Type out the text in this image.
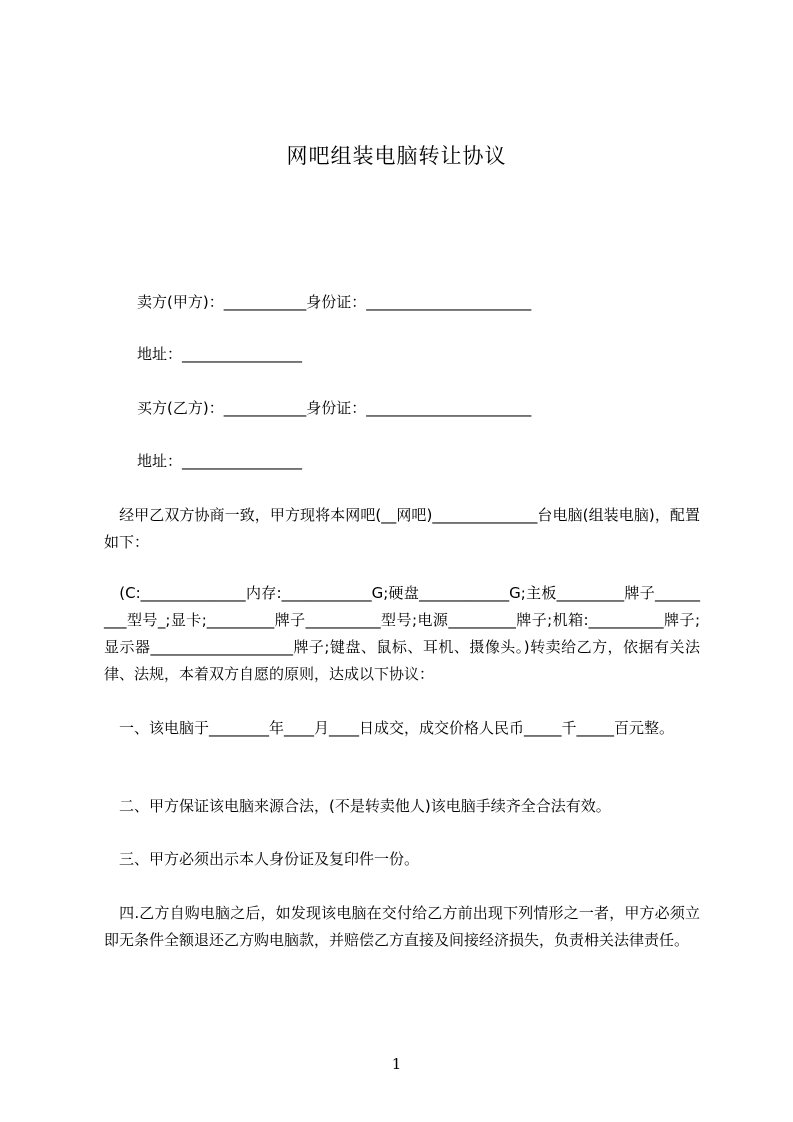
网吧组装电脑转让协议
卖方(甲方)：___________身份证：______________________
地址：________________
买方(乙方)：___________身份证：______________________
地址：________________
　经甲乙双方协商一致，甲方现将本网吧(__网吧)______________台电脑(组装电脑)，配置如下：
　(C:______________内存:____________G;硬盘____________G;主板_________牌子_________型号_;显卡;_________牌子__________型号;电源_________牌子;机箱:__________牌子;显示器___________________牌子;键盘、鼠标、耳机、摄像头。)转卖给乙方，依据有关法律、法规，本着双方自愿的原则，达成以下协议：
　一、该电脑于________年____月____日成交，成交价格人民币_____千_____百元整。
　二、甲方保证该电脑来源合法，(不是转卖他人)该电脑手续齐全合法有效。
　三、甲方必须出示本人身份证及复印件一份。
　四.乙方自购电脑之后，如发现该电脑在交付给乙方前出现下列情形之一者，甲方必须立即无条件全额退还乙方购电脑款，并赔偿乙方直接及间接经济损失，负责枏关法律责任。
1
